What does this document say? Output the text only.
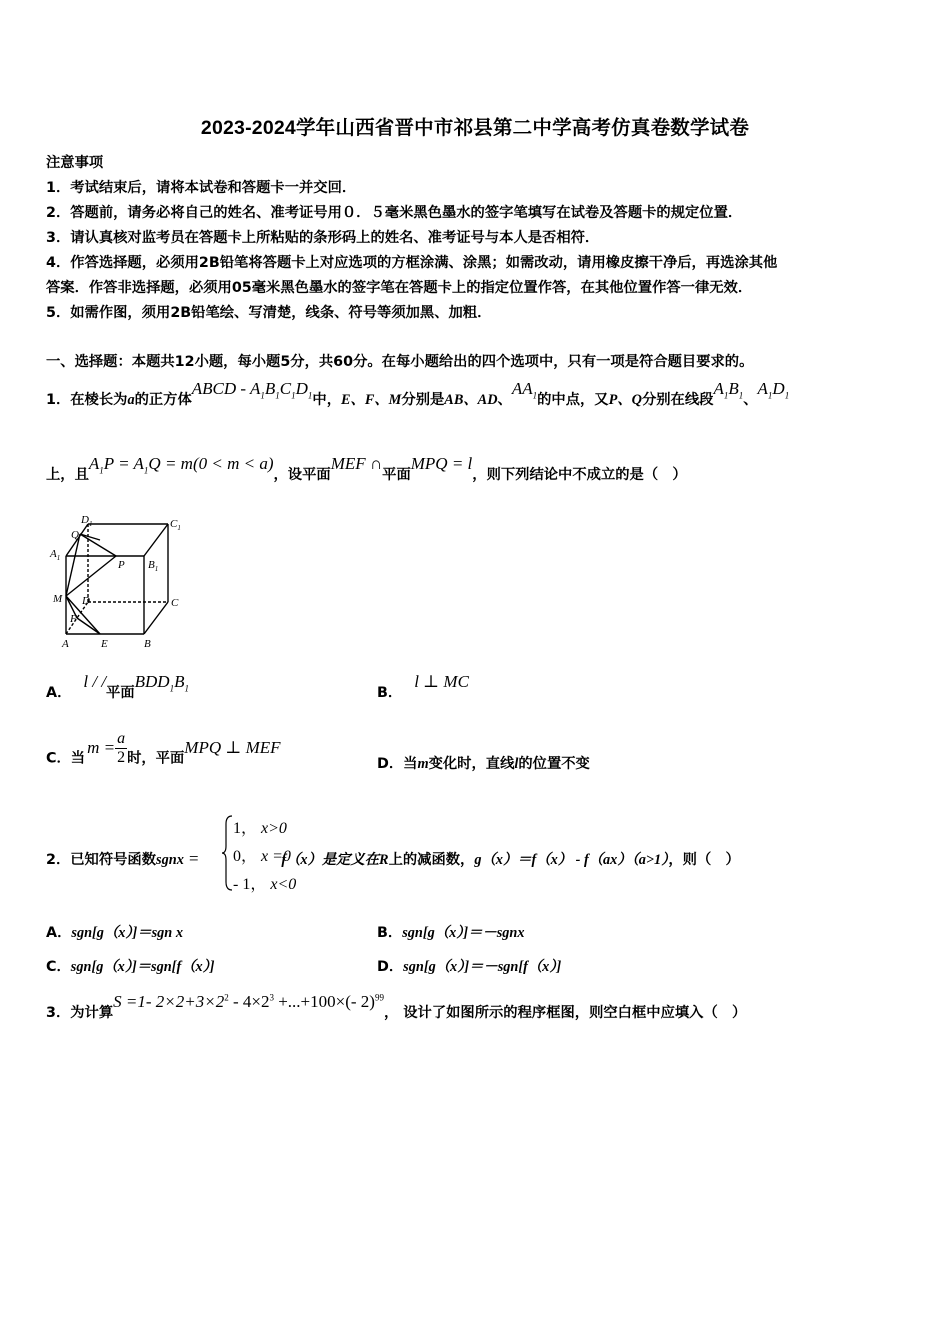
2023-2024学年山西省晋中市祁县第二中学高考仿真卷数学试卷
注意事项
1．考试结束后，请将本试卷和答题卡一并交回．
2．答题前，请务必将自己的姓名、准考证号用０．５毫米黑色墨水的签字笔填写在试卷及答题卡的规定位置．
3．请认真核对监考员在答题卡上所粘贴的条形码上的姓名、准考证号与本人是否相符．
4．作答选择题，必须用2B铅笔将答题卡上对应选项的方框涂满、涂黑；如需改动，请用橡皮擦干净后，再选涂其他
答案．作答非选择题，必须用05毫米黑色墨水的签字笔在答题卡上的指定位置作答，在其他位置作答一律无效．
5．如需作图，须用2B铅笔绘、写清楚，线条、符号等须加黑、加粗．
一、选择题：本题共12小题，每小题5分，共60分。在每小题给出的四个选项中，只有一项是符合题目要求的。
1．在棱长为a的正方体ABCD - $A_1B_1C_1D_1$中，E、F、M分别是AB、AD、$AA_1$的中点，又P、Q分别在线段$A_1B_1$、$A_1D_1$
上，且$A_1P = A_1Q = m(0 < m < a)$，设平面MEF ∩平面MPQ = l，则下列结论中不成立的是（　）
$D_1$	$C_1$
Q
$A_1$
P $B_1$
M D	C
F
A	E	B
A．l / /平面$BDD_1B_1$	B．l ⊥ MC
C．当$m = \frac{a}{2}$ 时，平面MPQ ⊥ MEF
D．当m变化时，直线l的位置不变
2．已知符号函数sgnx =	f（x）是定义在R上的减函数，g（x）＝f（x） - f（ax）（a>1），则（　）
1， x>0
0， x =0
- 1， x<0
A．sgn[g（x）]＝sgn x	B．sgn[g（x）]＝－sgnx
C．sgn[g（x）]＝sgn[f（x）]	D．sgn[g（x）]＝－sgn[f（x）]
3．为计算S =1- $2\times 2+3\times 2^2 - 4\times 2^3 +...+100\times(-$ 2)$^{99}$， 设计了如图所示的程序框图，则空白框中应填入（　）
